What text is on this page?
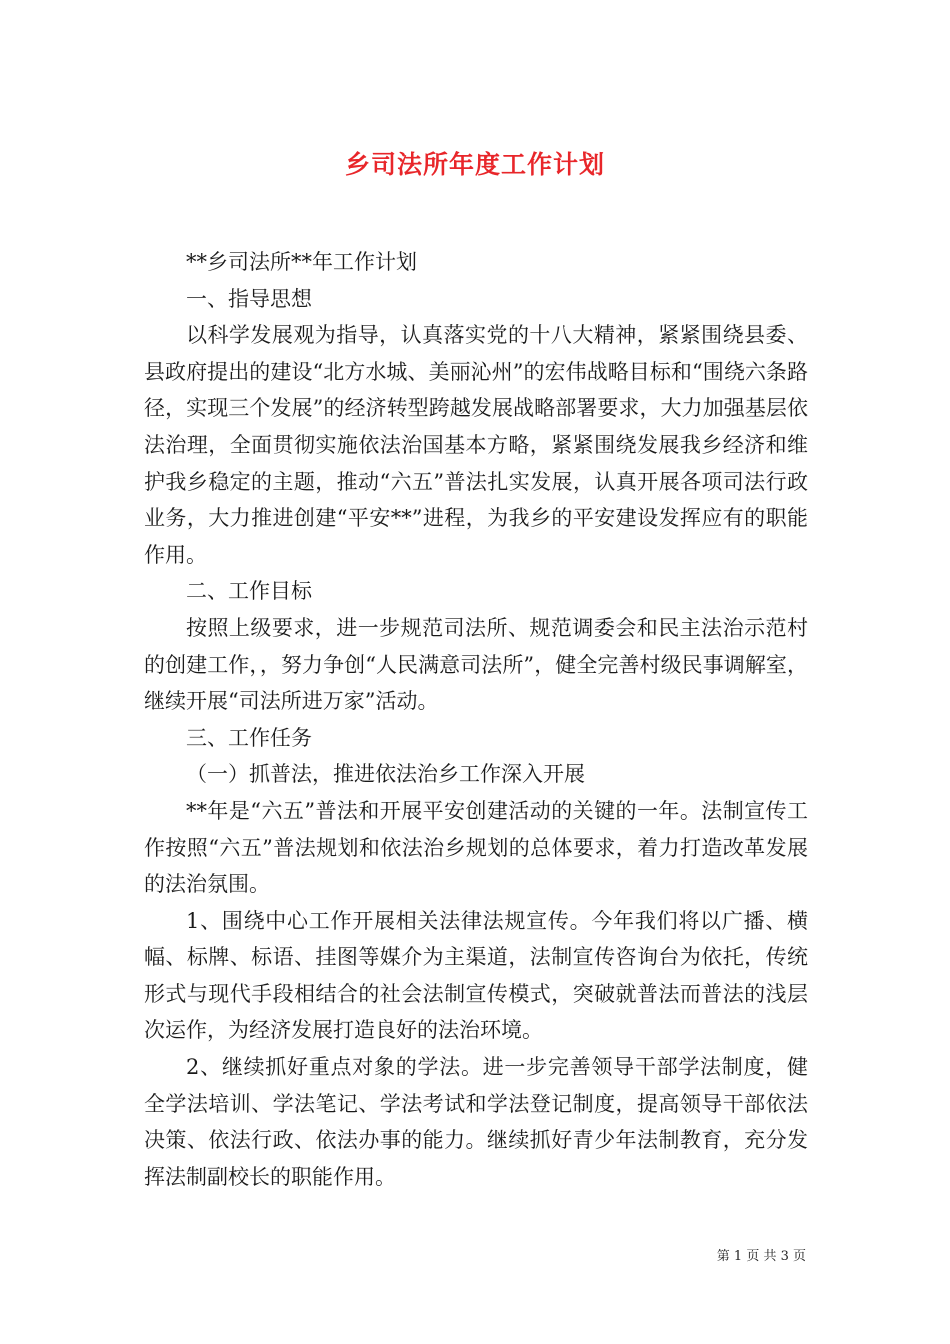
乡司法所年度工作计划

**乡司法所**年工作计划

一、指导思想

以科学发展观为指导，认真落实党的十八大精神，紧紧围绕县委、县政府提出的建设“北方水城、美丽沁州”的宏伟战略目标和“围绕六条路径，实现三个发展”的经济转型跨越发展战略部署要求，大力加强基层依法治理，全面贯彻实施依法治国基本方略，紧紧围绕发展我乡经济和维护我乡稳定的主题，推动“六五”普法扎实发展，认真开展各项司法行政业务，大力推进创建“平安**”进程，为我乡的平安建设发挥应有的职能作用。

二、工作目标

按照上级要求，进一步规范司法所、规范调委会和民主法治示范村的创建工作，，努力争创“人民满意司法所”，健全完善村级民事调解室，继续开展“司法所进万家”活动。

三、工作任务

（一）抓普法，推进依法治乡工作深入开展

**年是“六五”普法和开展平安创建活动的关键的一年。法制宣传工作按照“六五”普法规划和依法治乡规划的总体要求，着力打造改革发展的法治氛围。

1、围绕中心工作开展相关法律法规宣传。今年我们将以广播、横幅、标牌、标语、挂图等媒介为主渠道，法制宣传咨询台为依托，传统形式与现代手段相结合的社会法制宣传模式，突破就普法而普法的浅层次运作，为经济发展打造良好的法治环境。

2、继续抓好重点对象的学法。进一步完善领导干部学法制度，健全学法培训、学法笔记、学法考试和学法登记制度，提高领导干部依法决策、依法行政、依法办事的能力。继续抓好青少年法制教育，充分发挥法制副校长的职能作用。

第 1 页 共 3 页
